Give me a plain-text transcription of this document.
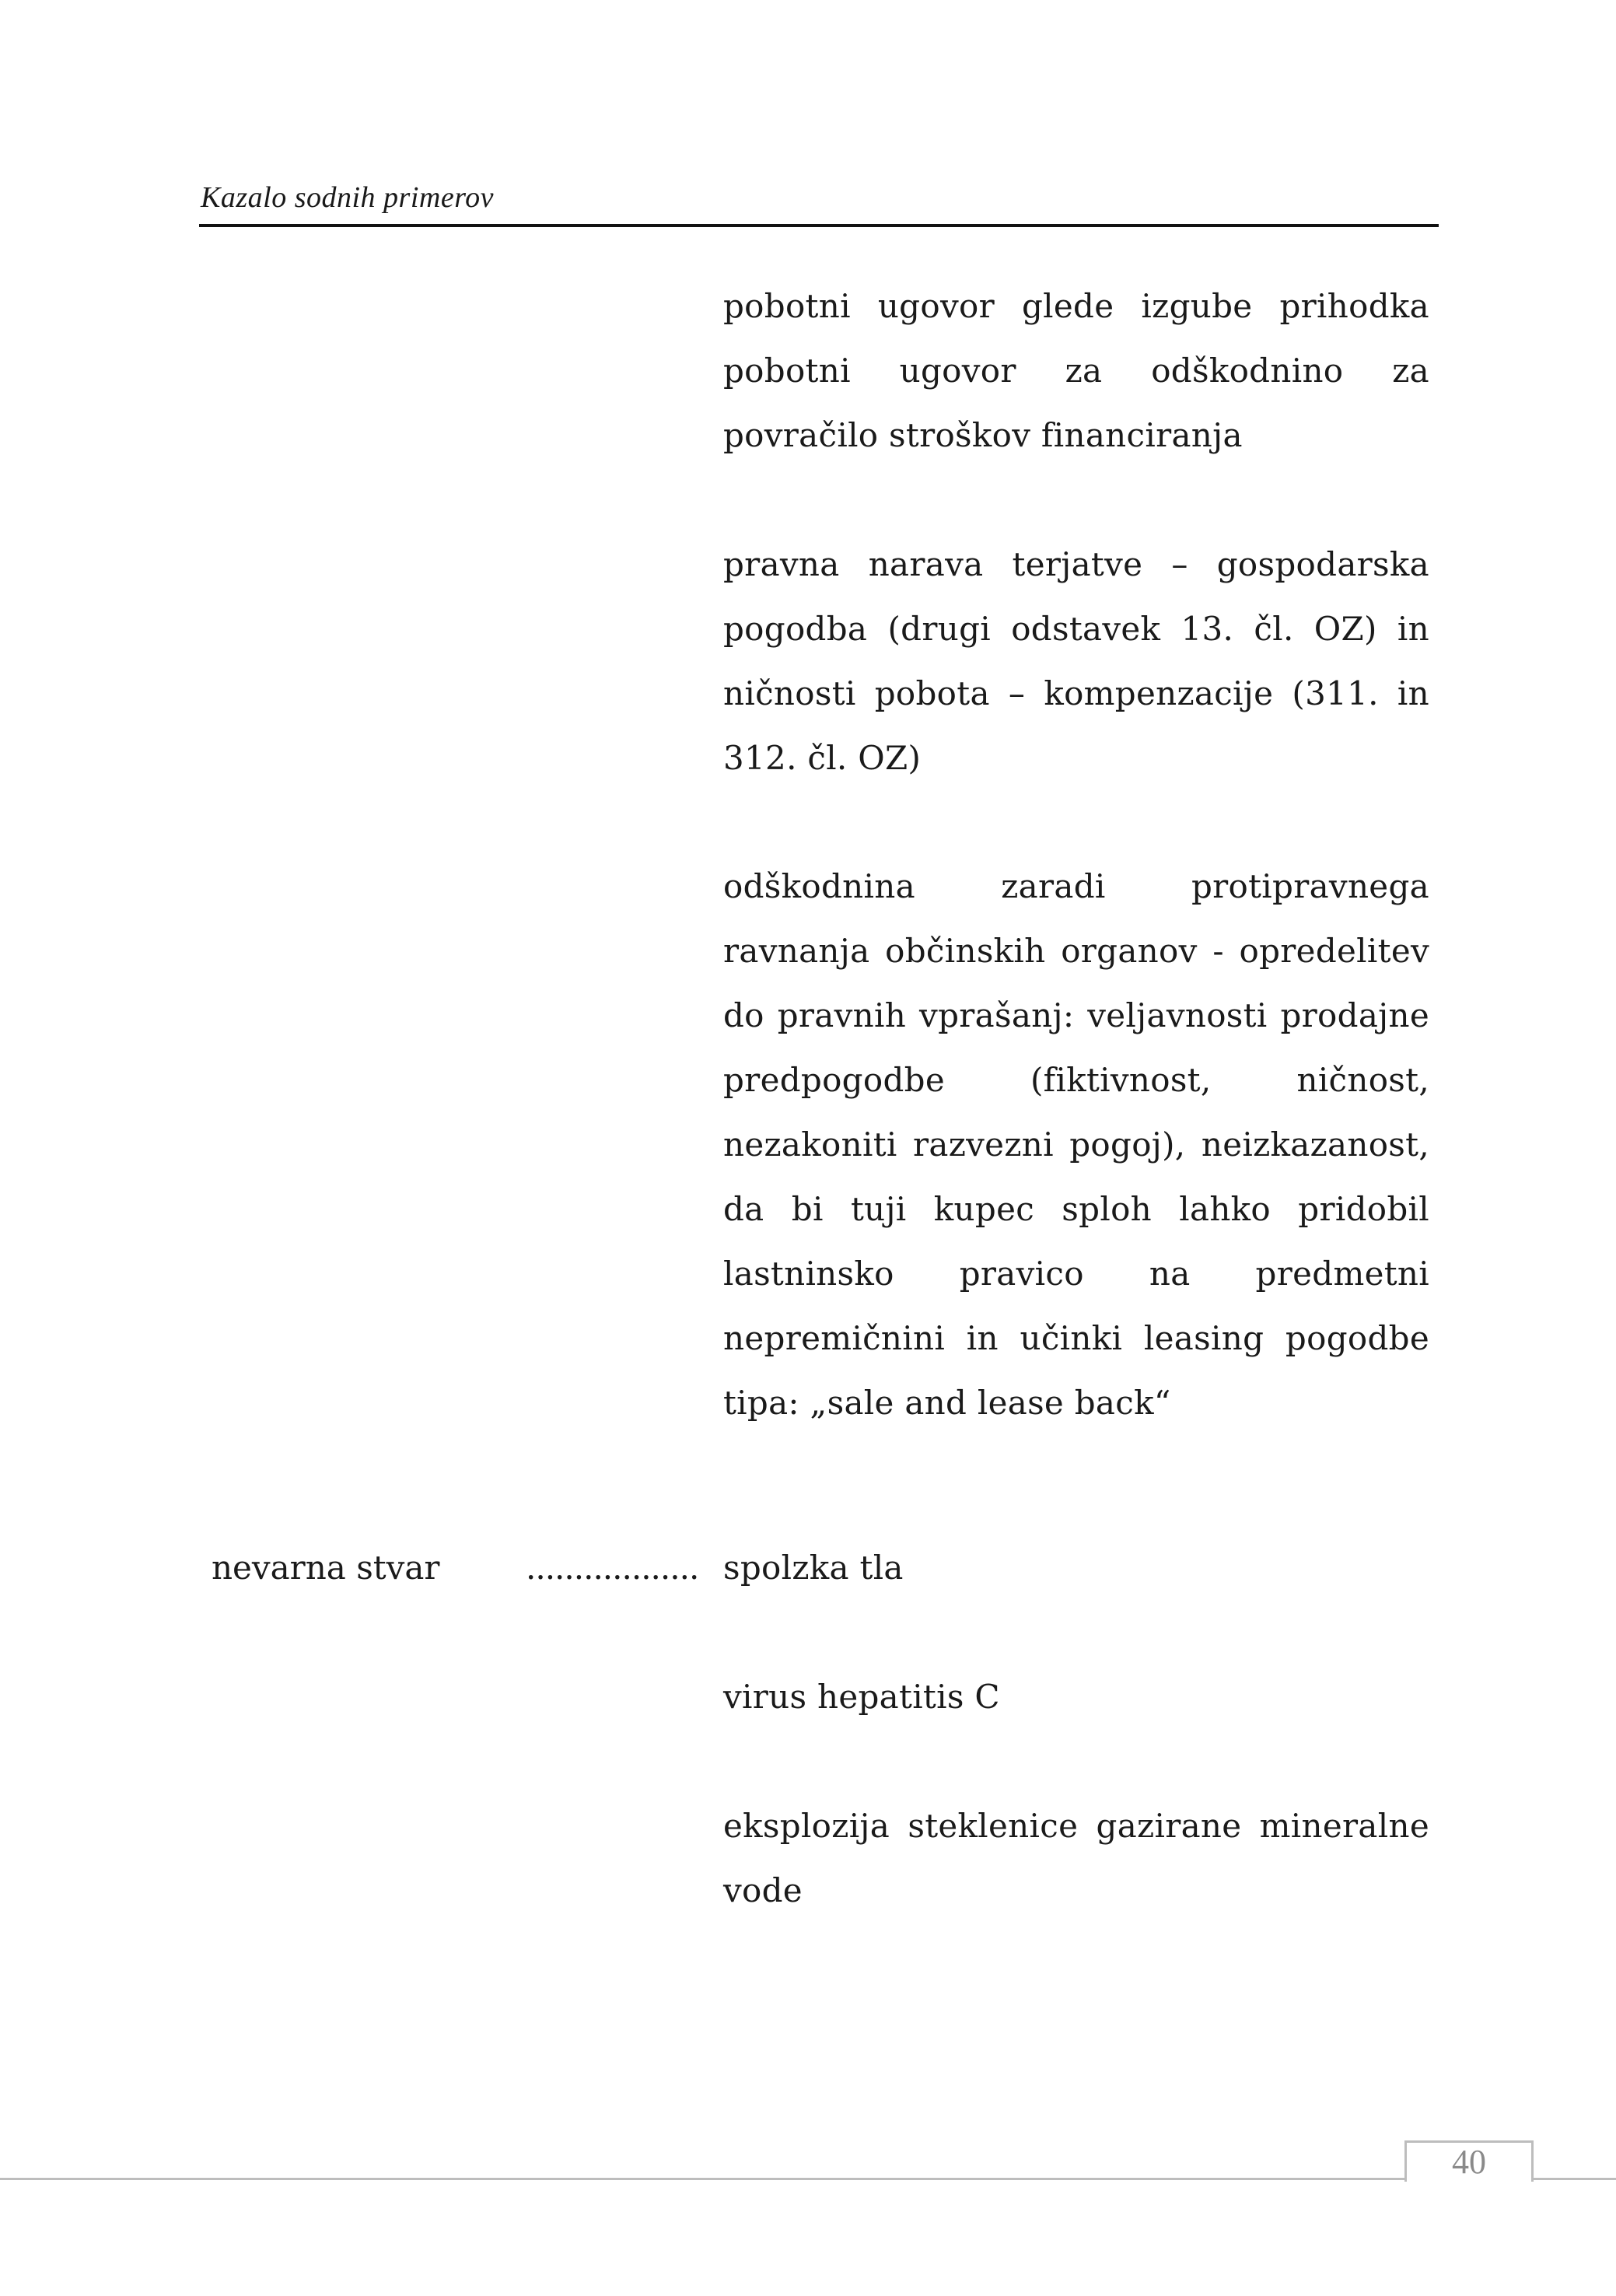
Kazalo sodnih primerov
pobotni ugovor glede izgube prihodka pobotni ugovor za odškodnino za povračilo stroškov financiranja
pravna narava terjatve – gospodarska pogodba (drugi odstavek 13. čl. OZ) in ničnosti pobota – kompenzacije (311. in 312. čl. OZ)
odškodnina zaradi protipravnega ravnanja občinskih organov - opredelitev do pravnih vprašanj: veljavnosti prodajne predpogodbe (fiktivnost, ničnost, nezakoniti razvezni pogoj), neizkazanost, da bi tuji kupec sploh lahko pridobil lastninsko pravico na predmetni nepremičnini in učinki leasing pogodbe tipa: „sale and lease back“
nevarna stvar	.................. spolzka tla
virus hepatitis C
eksplozija steklenice gazirane mineralne vode
40
